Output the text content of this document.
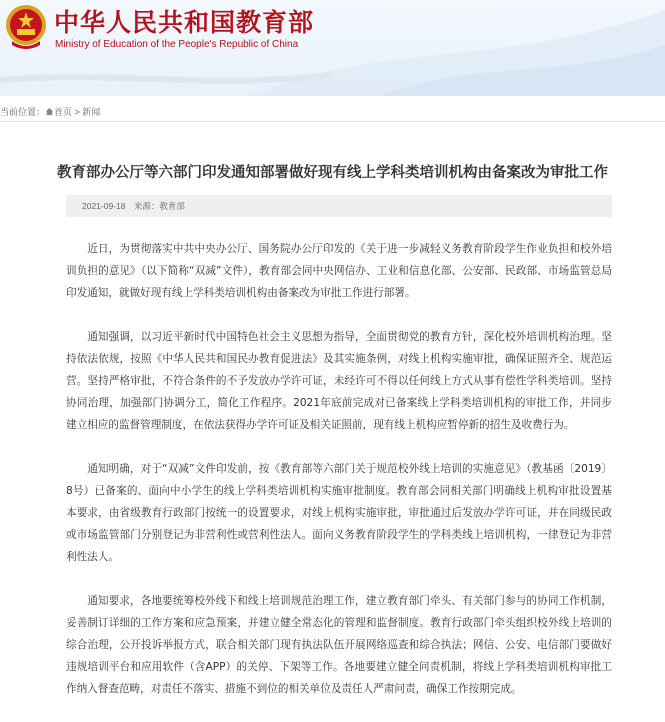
中华人民共和国教育部
Ministry of Education of the People's Republic of China
当前位置： 首页 > 新闻
教育部办公厅等六部门印发通知部署做好现有线上学科类培训机构由备案改为审批工作
2021-09-18 来源：教育部

近日，为贯彻落实中共中央办公厅、国务院办公厅印发的《关于进一步减轻义务教育阶段学生作业负担和校外培训负担的意见》（以下简称“双减”文件），教育部会同中央网信办、工业和信息化部、公安部、民政部、市场监管总局印发通知，就做好现有线上学科类培训机构由备案改为审批工作进行部署。

通知强调，以习近平新时代中国特色社会主义思想为指导，全面贯彻党的教育方针，深化校外培训机构治理。坚持依法依规，按照《中华人民共和国民办教育促进法》及其实施条例，对线上机构实施审批，确保证照齐全、规范运营。坚持严格审批，不符合条件的不予发放办学许可证，未经许可不得以任何线上方式从事有偿性学科类培训。坚持协同治理，加强部门协调分工，简化工作程序。2021年底前完成对已备案线上学科类培训机构的审批工作，并同步建立相应的监督管理制度，在依法获得办学许可证及相关证照前，现有线上机构应暂停新的招生及收费行为。

通知明确，对于“双减”文件印发前，按《教育部等六部门关于规范校外线上培训的实施意见》（教基函〔2019〕8号）已备案的、面向中小学生的线上学科类培训机构实施审批制度。教育部会同相关部门明确线上机构审批设置基本要求，由省级教育行政部门按统一的设置要求，对线上机构实施审批，审批通过后发放办学许可证，并在同级民政或市场监管部门分别登记为非营利性或营利性法人。面向义务教育阶段学生的学科类线上培训机构，一律登记为非营利性法人。

通知要求，各地要统筹校外线下和线上培训规范治理工作，建立教育部门牵头、有关部门参与的协同工作机制，妥善制订详细的工作方案和应急预案，并建立健全常态化的管理和监督制度。教育行政部门牵头组织校外线上培训的综合治理，公开投诉举报方式，联合相关部门现有执法队伍开展网络巡查和综合执法；网信、公安、电信部门要做好违规培训平台和应用软件（含APP）的关停、下架等工作。各地要建立健全问责机制，将线上学科类培训机构审批工作纳入督查范畴，对责任不落实、措施不到位的相关单位及责任人严肃问责，确保工作按期完成。
